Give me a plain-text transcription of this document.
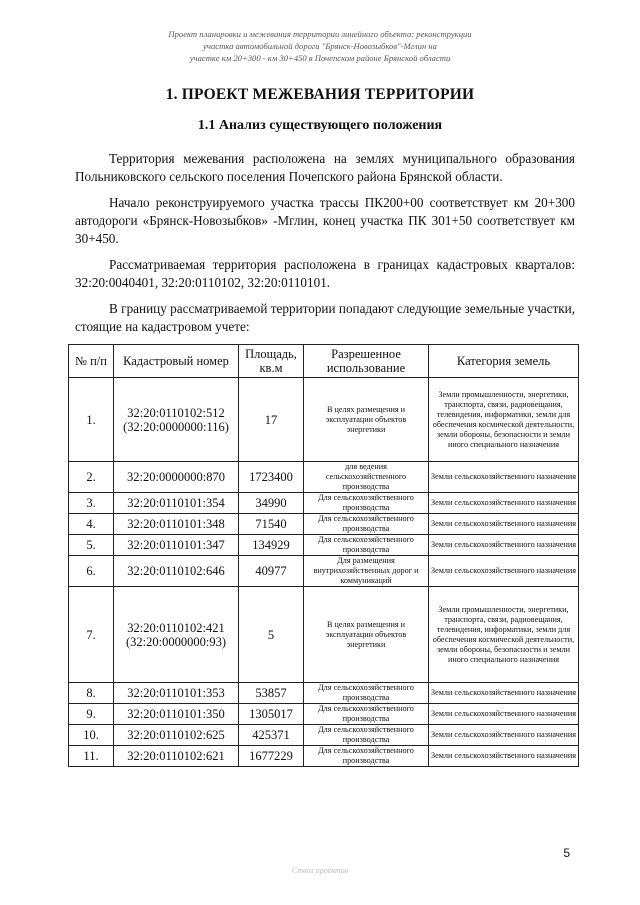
Проект планировки и межевания территории линейного объекта: реконструкции
участка автомобильной дороги "Брянск-Новозыбков"-Мглин на
участке км 20+300 - км 30+450 в Почепском районе Брянской области
1. ПРОЕКТ МЕЖЕВАНИЯ ТЕРРИТОРИИ
1.1 Анализ существующего положения
Территория межевания расположена на землях муниципального образования Польниковского сельского поселения Почепского района Брянской области.
Начало реконструируемого участка трассы ПК200+00 соответствует км 20+300 автодороги «Брянск-Новозыбков» -Мглин, конец участка ПК 301+50 соответствует км 30+450.
Рассматриваемая территория расположена в границах кадастровых кварталов: 32:20:0040401, 32:20:0110102, 32:20:0110101.
В границу рассматриваемой территории попадают следующие земельные участки, стоящие на кадастровом учете:
№ п/п	Кадастровый номер	Площадь, кв.м	Разрешенное использование	Категория земель
1.	32:20:0110102:512 (32:20:0000000:116)	17	В целях размещения и эксплуатации объектов энергетики	Земли промышленности, энергетики, транспорта, связи, радиовещания, телевидения, информатики, земли для обеспечения космической деятельности, земли обороны, безопасности и земли иного специального назначения
2.	32:20:0000000:870	1723400	для ведения сельскохозяйственного производства	Земли сельскохозяйственного назначения
3.	32:20:0110101:354	34990	Для сельскохозяйственного производства	Земли сельскохозяйственного назначения
4.	32:20:0110101:348	71540	Для сельскохозяйственного производства	Земли сельскохозяйственного назначения
5.	32:20:0110101:347	134929	Для сельскохозяйственного производства	Земли сельскохозяйственного назначения
6.	32:20:0110102:646	40977	Для размещения внутрихозяйственных дорог и коммуникаций	Земли сельскохозяйственного назначения
7.	32:20:0110102:421 (32:20:0000000:93)	5	В целях размещения и эксплуатации объектов энергетики	Земли промышленности, энергетики, транспорта, связи, радиовещания, телевидения, информатики, земли для обеспечения космической деятельности, земли обороны, безопасности и земли иного специального назначения
8.	32:20:0110101:353	53857	Для сельскохозяйственного производства	Земли сельскохозяйственного назначения
9.	32:20:0110101:350	1305017	Для сельскохозяйственного производства	Земли сельскохозяйственного назначения
10.	32:20:0110102:625	425371	Для сельскохозяйственного производства	Земли сельскохозяйственного назначения
11.	32:20:0110102:621	1677229	Для сельскохозяйственного производства	Земли сельскохозяйственного назначения
5
Ствол проектов
